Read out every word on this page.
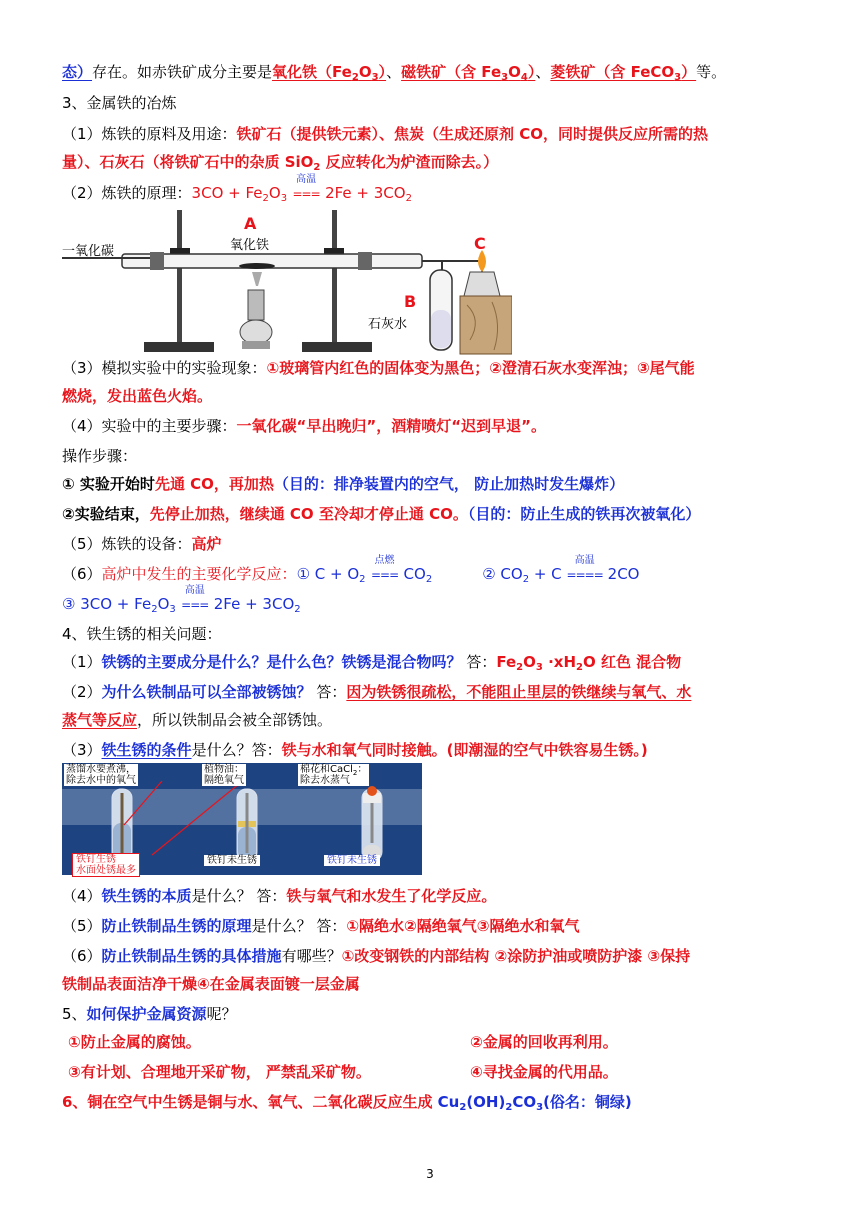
态）存在。如赤铁矿成分主要是氧化铁$(Fe_2O_3)$、磁铁矿（含 $Fe_3O_4$）、菱铁矿（含 FeCO$_3$）等。
3、金属铁的冶炼
（1）炼铁的原料及用途：铁矿石（提供铁元素）、焦炭（生成还原剂 CO，同时提供反应所需的热
量）、石灰石（将铁矿石中的杂质 SiO$_2$ 反应转化为炉渣而除去。）
（2）炼铁的原理：$3CO + Fe_2O_3$
高温
=== $2Fe + 3CO_2$
一氧化碳
A
氧化铁
B
石灰水
C
（3）模拟实验中的实验现象：①玻璃管内红色的固体变为黑色；②澄清石灰水变浑浊；③尾气能
燃烧，发出蓝色火焰。
（4）实验中的主要步骤：一氧化碳“早出晚归”，酒精喷灯“迟到早退”。
操作步骤：
① 实验开始时先通 CO，再加热（目的：排净装置内的空气， 防止加热时发生爆炸）
②实验结束，先停止加热，继续通 CO 至冷却才停止通 CO。（目的：防止生成的铁再次被氧化）
（5）炼铁的设备：高炉
（6）高炉中发生的主要化学反应：① $C + O_2$
点燃
=== $CO_2$	② $CO_2 + C$
高温
==== 2CO
③ $3CO + Fe_2O_3$
高温
=== $2Fe + 3CO_2$
4、铁生锈的相关问题：
（1）铁锈的主要成分是什么？是什么色？铁锈是混合物吗？ 答：$Fe_2O_3 \cdot xH_2O$ 红色 混合物
（2）为什么铁制品可以全部被锈蚀？ 答：因为铁锈很疏松，不能阻止里层的铁继续与氧气、水
蒸气等反应，所以铁制品会被全部锈蚀。
（3）铁生锈的条件是什么？答：铁与水和氧气同时接触。(即潮湿的空气中铁容易生锈。)
蒸馏水要煮沸，
除去水中的氧气
植物油：
隔绝氧气
棉花和CaCl$_2$：
除去水蒸气
铁钉生锈
水面处锈最多
铁钉未生锈	铁钉未生锈
（4）铁生锈的本质是什么？ 答：铁与氧气和水发生了化学反应。
（5）防止铁制品生锈的原理是什么？ 答：①隔绝水②隔绝氧气③隔绝水和氧气
（6）防止铁制品生锈的具体措施有哪些？①改变钢铁的内部结构 ②涂防护油或喷防护漆 ③保持
铁制品表面洁净干燥④在金属表面镀一层金属
5、如何保护金属资源呢？
①防止金属的腐蚀。	②金属的回收再利用。
③有计划、合理地开采矿物， 严禁乱采矿物。	④寻找金属的代用品。
6、铜在空气中生锈是铜与水、氧气、二氧化碳反应生成 $Cu_2(OH)_2CO_3$(俗名：铜绿)
3
